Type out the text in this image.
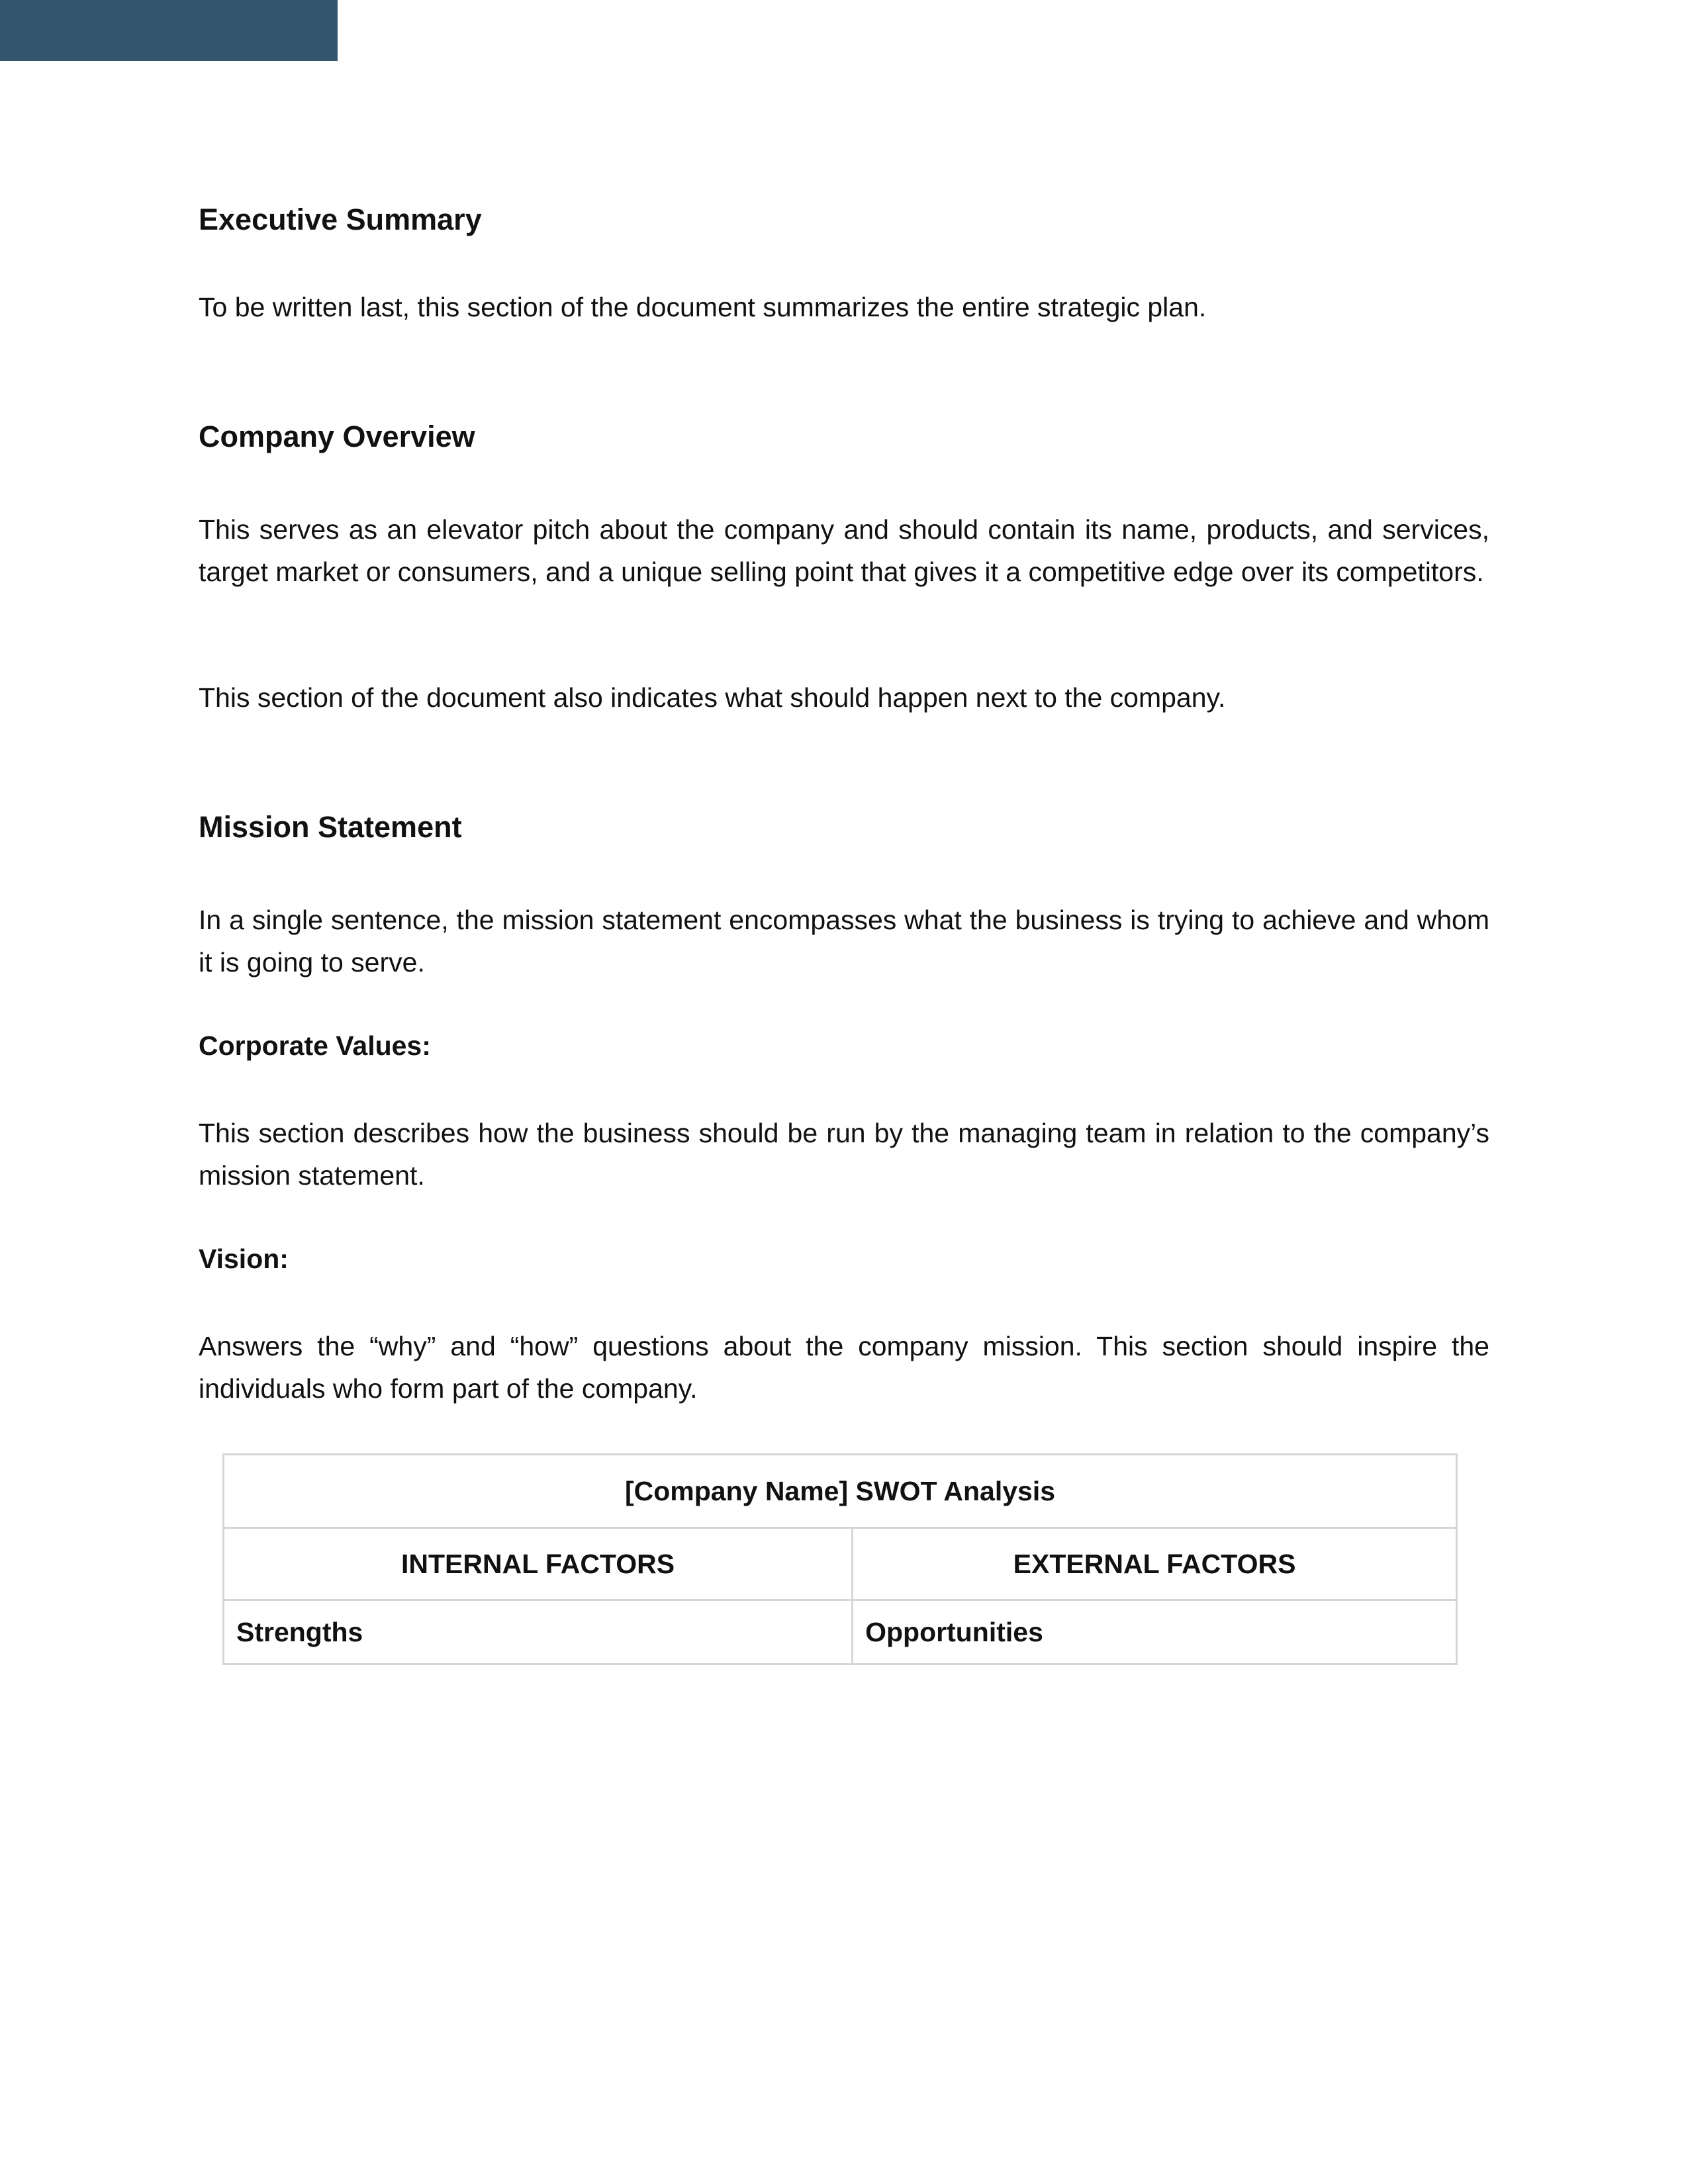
Executive Summary

To be written last, this section of the document summarizes the entire strategic plan.

Company Overview

This serves as an elevator pitch about the company and should contain its name, products, and services, target market or consumers, and a unique selling point that gives it a competitive edge over its competitors.

This section of the document also indicates what should happen next to the company.

Mission Statement

In a single sentence, the mission statement encompasses what the business is trying to achieve and whom it is going to serve.

Corporate Values:

This section describes how the business should be run by the managing team in relation to the company’s mission statement.

Vision:

Answers the “why” and “how” questions about the company mission. This section should inspire the individuals who form part of the company.

[Company Name] SWOT Analysis	
INTERNAL FACTORS	EXTERNAL FACTORS
Strengths	Opportunities
